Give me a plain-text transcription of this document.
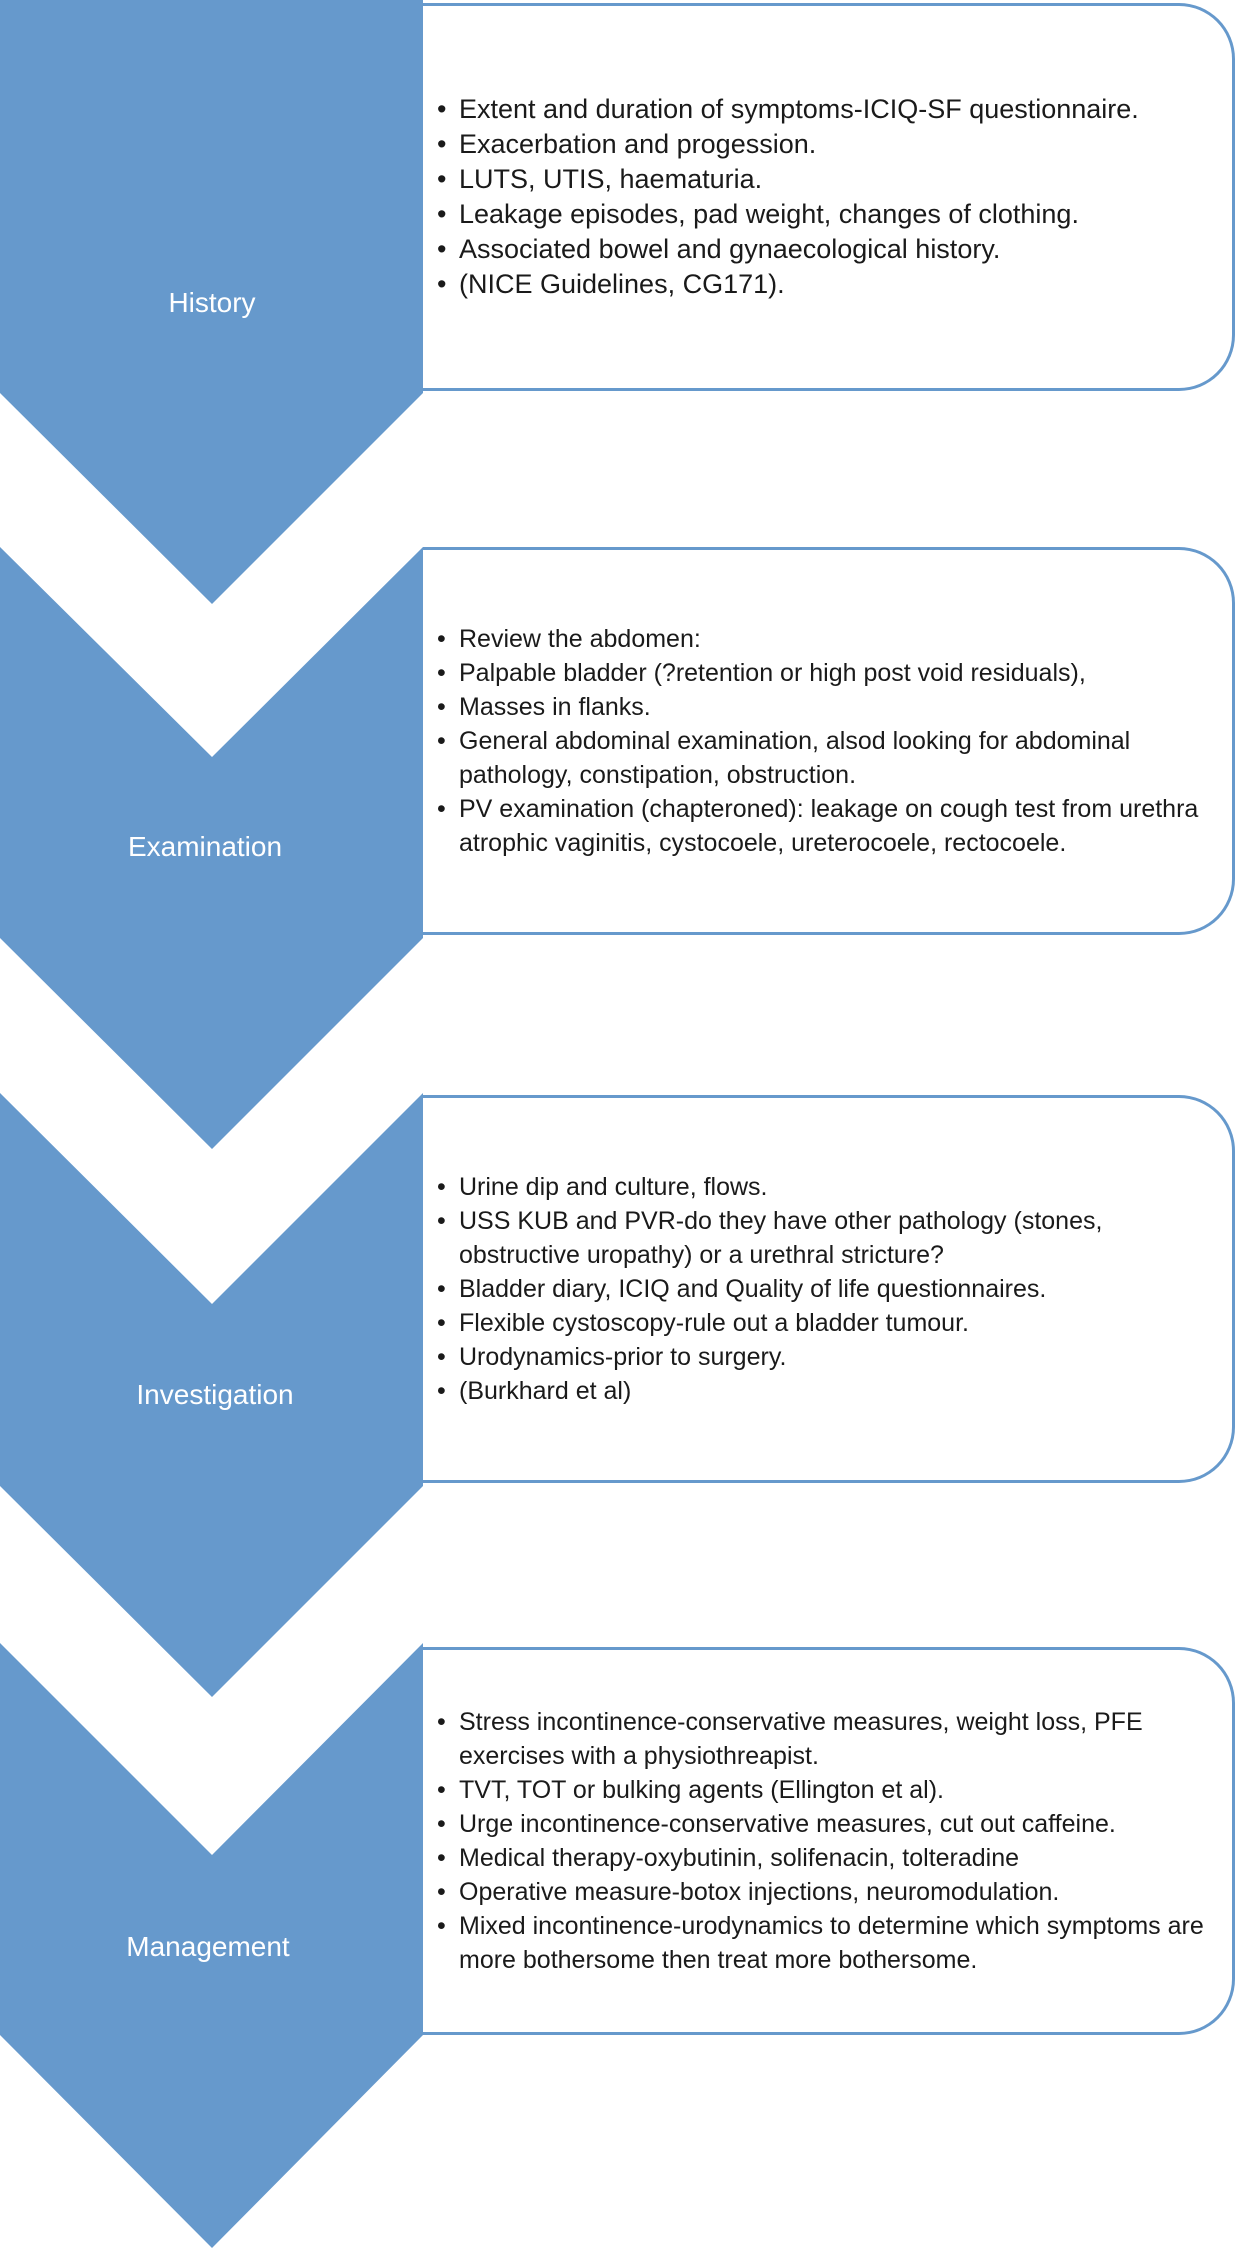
History
• Extent and duration of symptoms-ICIQ-SF questionnaire.
• Exacerbation and progession.
• LUTS, UTIS, haematuria.
• Leakage episodes, pad weight, changes of clothing.
• Associated bowel and gynaecological history.
• (NICE Guidelines, CG171).
Examination
• Review the abdomen:
• Palpable bladder (?retention or high post void residuals),
• Masses in flanks.
• General abdominal examination, alsod looking for abdominal pathology, constipation, obstruction.
• PV examination (chapteroned): leakage on cough test from urethra atrophic vaginitis, cystocoele, ureterocoele, rectocoele.
Investigation
• Urine dip and culture, flows.
• USS KUB and PVR-do they have other pathology (stones, obstructive uropathy) or a urethral stricture?
• Bladder diary, ICIQ and Quality of life questionnaires.
• Flexible cystoscopy-rule out a bladder tumour.
• Urodynamics-prior to surgery.
• (Burkhard et al)
Management
• Stress incontinence-conservative measures, weight loss, PFE exercises with a physiothreapist.
• TVT, TOT or bulking agents (Ellington et al).
• Urge incontinence-conservative measures, cut out caffeine.
• Medical therapy-oxybutinin, solifenacin, tolteradine
• Operative measure-botox injections, neuromodulation.
• Mixed incontinence-urodynamics to determine which symptoms are more bothersome then treat more bothersome.
